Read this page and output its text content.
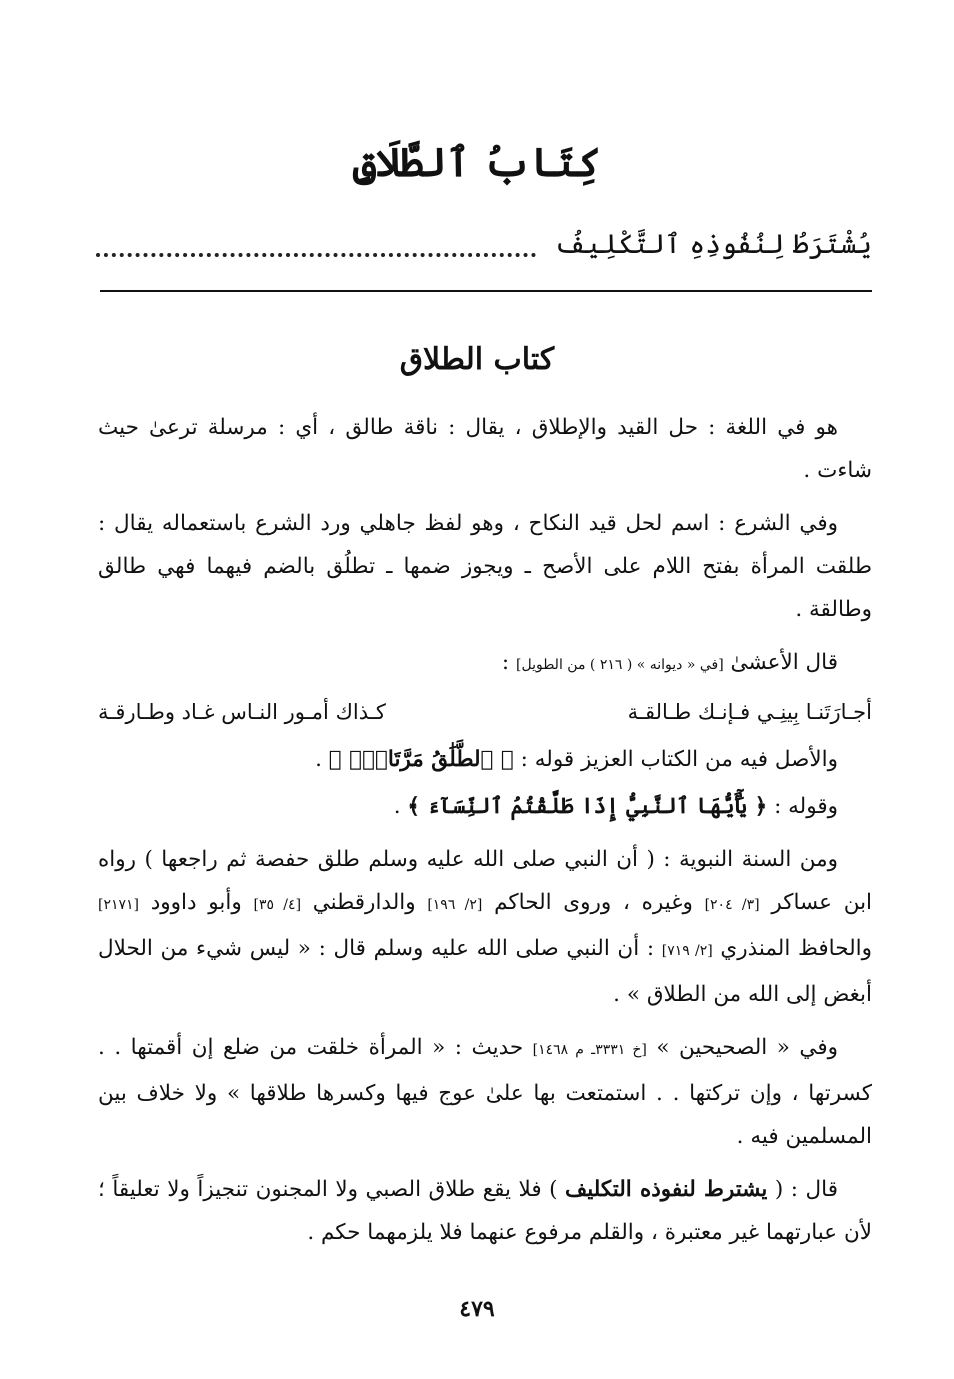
كِتَابُ ٱلطَّلَاقِ
يُشْتَرَطُ لِنُفُوذِهِ ٱلتَّكْلِيفُ
كتاب الطلاق

هو في اللغة : حل القيد والإطلاق ، يقال : ناقة طالق ، أي : مرسلة ترعىٰ حيث شاءت .

وفي الشرع : اسم لحل قيد النكاح ، وهو لفظ جاهلي ورد الشرع باستعماله يقال : طلقت المرأة بفتح اللام على الأصح ـ ويجوز ضمها ـ تطلُق بالضم فيهما فهي طالق وطالقة .

قال الأعشىٰ [في « ديوانه » ( ٢١٦ ) من الطويل] :

أجـارَتَنـا بِينِـي فـإنـك طـالقـة
كـذاك أمـور النـاس غـاد وطـارقـة

والأصل فيه من الكتاب العزيز قوله : ﴿ ٱلطَّلَٰقُ مَرَّتَانِۖ ﴾ .

وقوله : ﴿ يَٰٓأَيُّهَا ٱلنَّبِيُّ إِذَا طَلَّقْتُمُ ٱلنِّسَآءَ ﴾ .

ومن السنة النبوية : ( أن النبي صلى الله عليه وسلم طلق حفصة ثم راجعها ) رواه ابن عساكر [٣/ ٢٠٤] وغيره ، وروى الحاكم [٢/ ١٩٦] والدارقطني [٤/ ٣٥] وأبو داوود [٢١٧١] والحافظ المنذري [٢/ ٧١٩] : أن النبي صلى الله عليه وسلم قال : « ليس شيء من الحلال أبغض إلى الله من الطلاق » .

وفي « الصحيحين » [خ ٣٣٣١ـ م ١٤٦٨] حديث : « المرأة خلقت من ضلع إن أقمتها . . كسرتها ، وإن تركتها . . استمتعت بها علىٰ عوج فيها وكسرها طلاقها » ولا خلاف بين المسلمين فيه .

قال : ( يشترط لنفوذه التكليف ) فلا يقع طلاق الصبي ولا المجنون تنجيزاً ولا تعليقاً ؛ لأن عبارتهما غير معتبرة ، والقلم مرفوع عنهما فلا يلزمهما حكم .

٤٧٩
